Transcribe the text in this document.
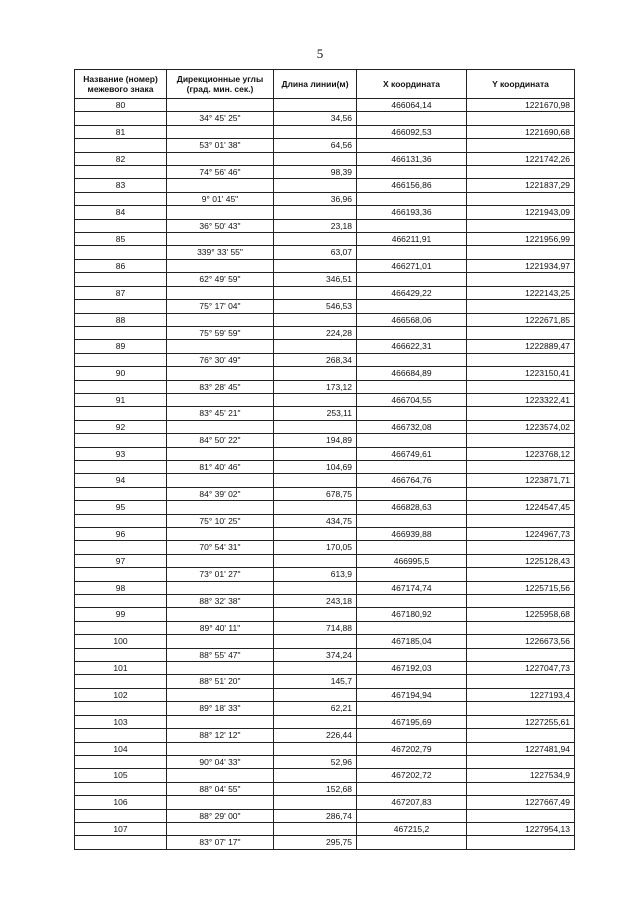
5
Название (номер) межевого знака	Дирекционные углы (град. мин. сек.)	Длина линии(м)	X координата	Y координата
80			466064,14	1221670,98
	34° 45' 25"	34,56		
81			466092,53	1221690,68
	53° 01' 38"	64,56		
82			466131,36	1221742,26
	74° 56' 46"	98,39		
83			466156,86	1221837,29
	9° 01' 45"	36,96		
84			466193,36	1221943,09
	36° 50' 43"	23,18		
85			466211,91	1221956,99
	339° 33' 55"	63,07		
86			466271,01	1221934,97
	62° 49' 59"	346,51		
87			466429,22	1222143,25
	75° 17' 04"	546,53		
88			466568,06	1222671,85
	75° 59' 59"	224,28		
89			466622,31	1222889,47
	76° 30' 49"	268,34		
90			466684,89	1223150,41
	83° 28' 45"	173,12		
91			466704,55	1223322,41
	83° 45' 21"	253,11		
92			466732,08	1223574,02
	84° 50' 22"	194,89		
93			466749,61	1223768,12
	81° 40' 46"	104,69		
94			466764,76	1223871,71
	84° 39' 02"	678,75		
95			466828,63	1224547,45
	75° 10' 25"	434,75		
96			466939,88	1224967,73
	70° 54' 31"	170,05		
97			466995,5	1225128,43
	73° 01' 27"	613,9		
98			467174,74	1225715,56
	88° 32' 38"	243,18		
99			467180,92	1225958,68
	89° 40' 11"	714,88		
100			467185,04	1226673,56
	88° 55' 47"	374,24		
101			467192,03	1227047,73
	88° 51' 20"	145,7		
102			467194,94	1227193,4
	89° 18' 33"	62,21		
103			467195,69	1227255,61
	88° 12' 12"	226,44		
104			467202,79	1227481,94
	90° 04' 33"	52,96		
105			467202,72	1227534,9
	88° 04' 55"	152,68		
106			467207,83	1227667,49
	88° 29' 00"	286,74		
107			467215,2	1227954,13
	83° 07' 17"	295,75		
